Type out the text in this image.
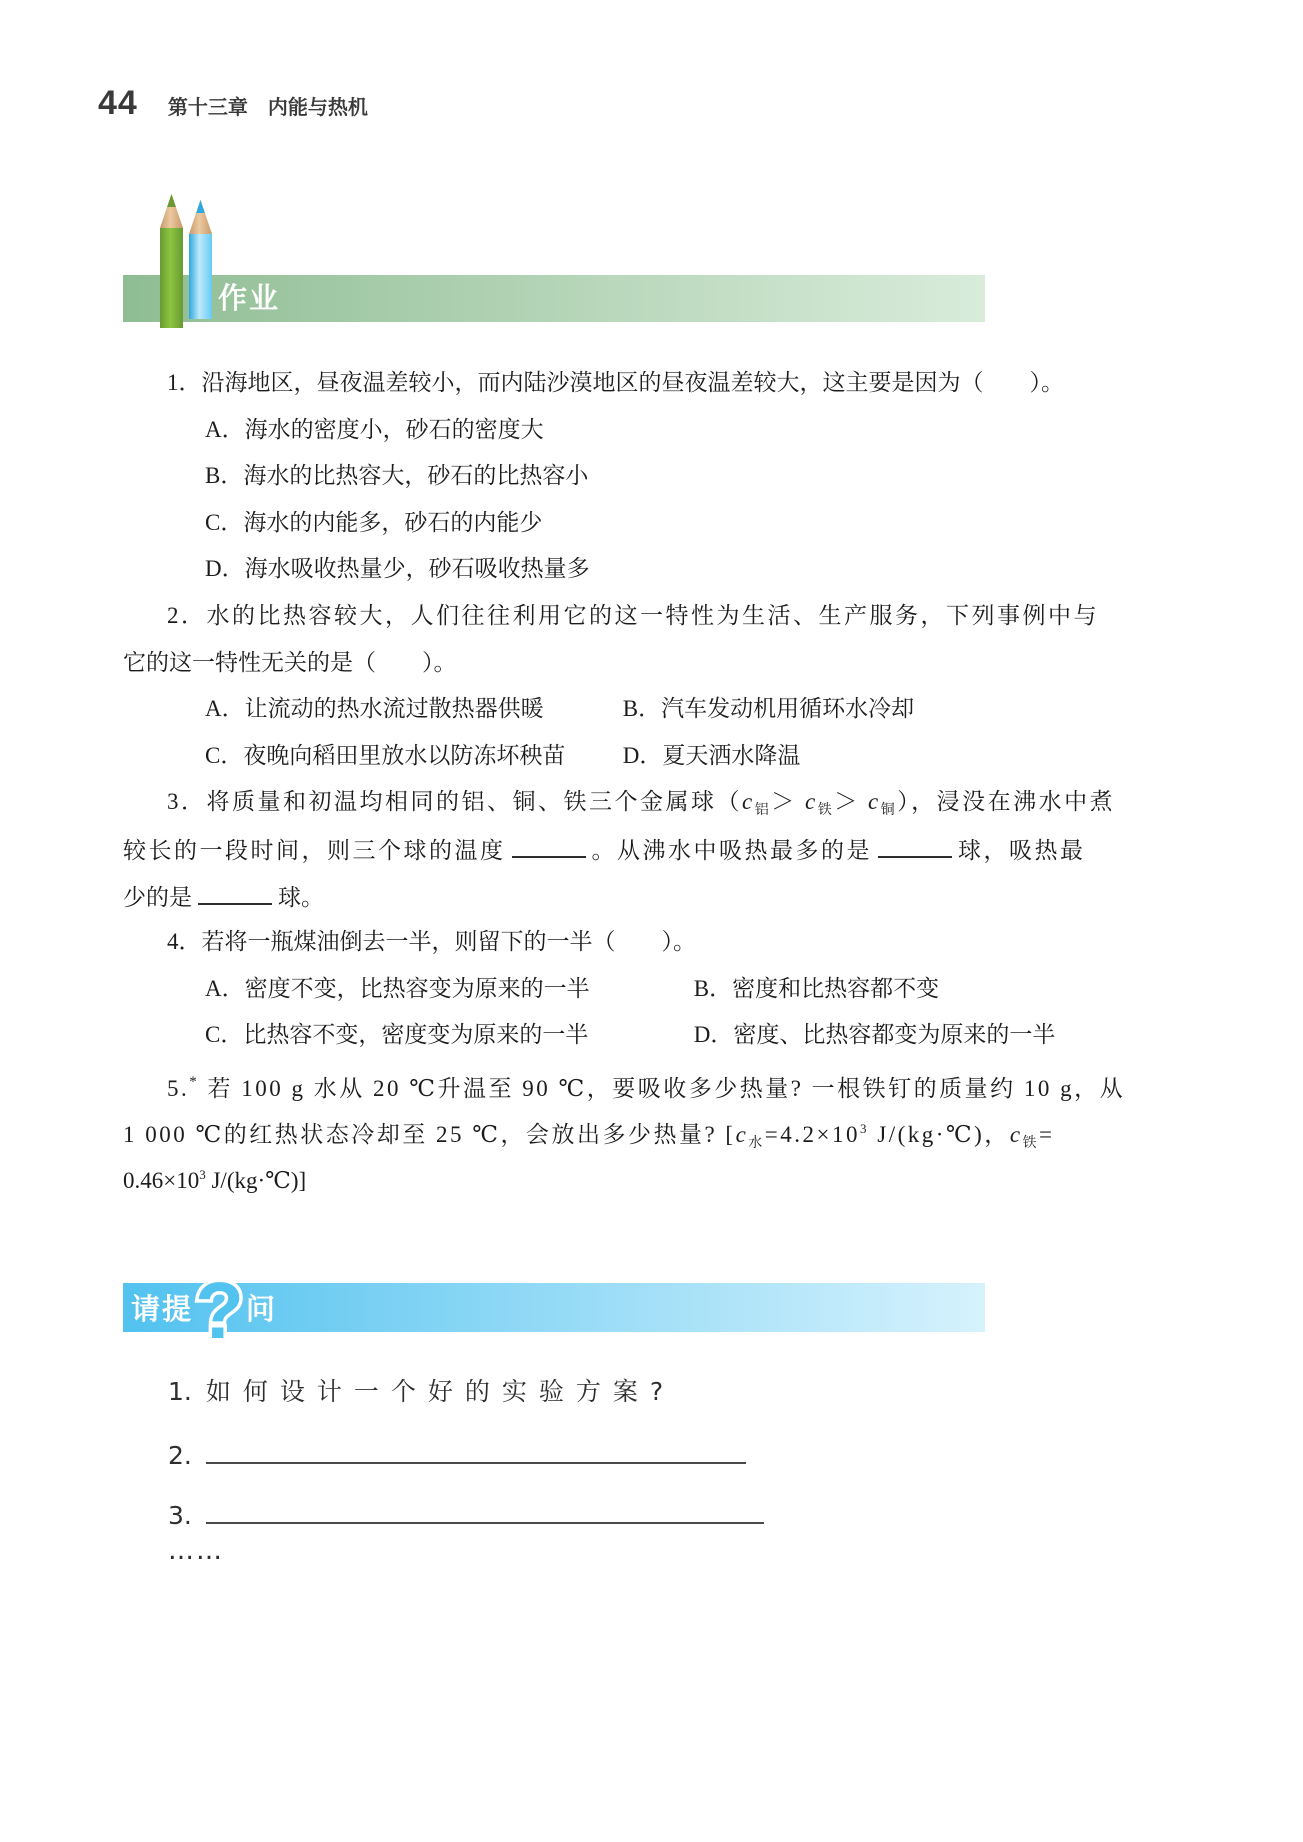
44 第十三章　内能与热机
作业
1．沿海地区，昼夜温差较小，而内陆沙漠地区的昼夜温差较大，这主要是因为（　　）。
A．海水的密度小，砂石的密度大
B．海水的比热容大，砂石的比热容小
C．海水的内能多，砂石的内能少
D．海水吸收热量少，砂石吸收热量多
2．水的比热容较大，人们往往利用它的这一特性为生活、生产服务，下列事例中与
它的这一特性无关的是（　　）。
A．让流动的热水流过散热器供暖	B．汽车发动机用循环水冷却
C．夜晚向稻田里放水以防冻坏秧苗 D．夏天洒水降温
3．将质量和初温均相同的铝、铜、铁三个金属球$(c_铝> c_铁> c_铜)$，浸没在沸水中煮
较长的一段时间，则三个球的温度	。从沸水中吸热最多的是	球，吸热最
少的是	球。
4．若将一瓶煤油倒去一半，则留下的一半（　　）。
A．密度不变，比热容变为原来的一半	B．密度和比热容都不变
C．比热容不变，密度变为原来的一半	D．密度、比热容都变为原来的一半
5.* 若 100 g 水从 20 ℃升温至 90 ℃，要吸收多少热量? 一根铁钉的质量约 10 g，从
1 000 ℃的红热状态冷却至 25 ℃，会放出多少热量? [$c_水=4.2\times 10^3$ J/(kg·℃)，$c_铁=$
$0.46\times 10^3$ J/(kg·℃)]
请提 ? 问
1. 如何设计一个好的实验方案?
2.
3.
……
